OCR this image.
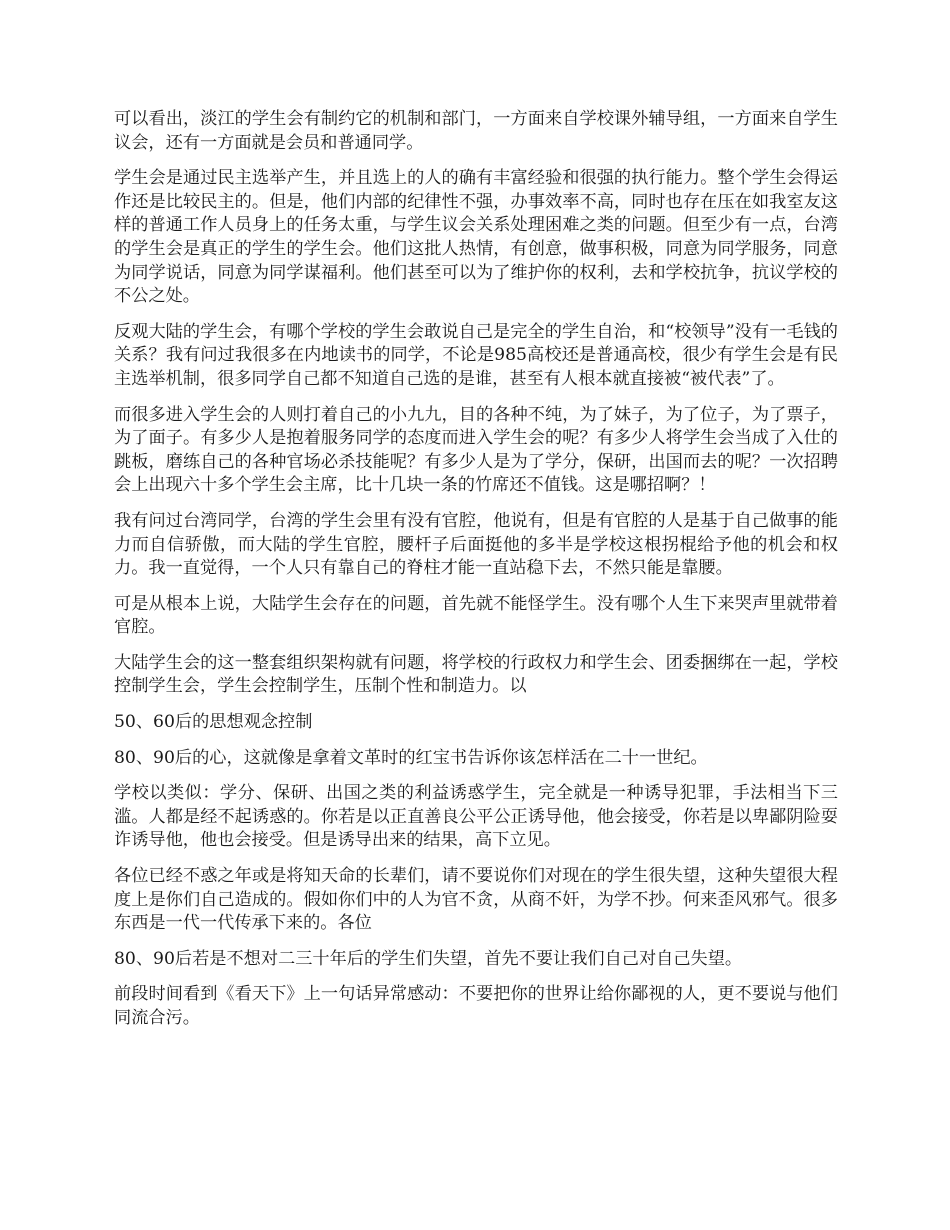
可以看出，淡江的学生会有制约它的机制和部门，一方面来自学校课外辅导组，一方面来自学生议会，还有一方面就是会员和普通同学。

学生会是通过民主选举产生，并且选上的人的确有丰富经验和很强的执行能力。整个学生会得运作还是比较民主的。但是，他们内部的纪律性不强，办事效率不高，同时也存在压在如我室友这样的普通工作人员身上的任务太重，与学生议会关系处理困难之类的问题。但至少有一点，台湾的学生会是真正的学生的学生会。他们这批人热情，有创意，做事积极，同意为同学服务，同意为同学说话，同意为同学谋福利。他们甚至可以为了维护你的权利，去和学校抗争，抗议学校的不公之处。

反观大陆的学生会，有哪个学校的学生会敢说自己是完全的学生自治，和“校领导”没有一毛钱的关系？我有问过我很多在内地读书的同学，不论是985高校还是普通高校，很少有学生会是有民主选举机制，很多同学自己都不知道自己选的是谁，甚至有人根本就直接被“被代表”了。

而很多进入学生会的人则打着自己的小九九，目的各种不纯，为了妹子，为了位子，为了票子，为了面子。有多少人是抱着服务同学的态度而进入学生会的呢？有多少人将学生会当成了入仕的跳板，磨练自己的各种官场必杀技能呢？有多少人是为了学分，保研，出国而去的呢？一次招聘会上出现六十多个学生会主席，比十几块一条的竹席还不值钱。这是哪招啊？！

我有问过台湾同学，台湾的学生会里有没有官腔，他说有，但是有官腔的人是基于自己做事的能力而自信骄傲，而大陆的学生官腔，腰杆子后面挺他的多半是学校这根拐棍给予他的机会和权力。我一直觉得，一个人只有靠自己的脊柱才能一直站稳下去，不然只能是靠腰。

可是从根本上说，大陆学生会存在的问题，首先就不能怪学生。没有哪个人生下来哭声里就带着官腔。

大陆学生会的这一整套组织架构就有问题，将学校的行政权力和学生会、团委捆绑在一起，学校控制学生会，学生会控制学生，压制个性和制造力。以

50、60后的思想观念控制

80、90后的心，这就像是拿着文革时的红宝书告诉你该怎样活在二十一世纪。

学校以类似：学分、保研、出国之类的利益诱惑学生，完全就是一种诱导犯罪，手法相当下三滥。人都是经不起诱惑的。你若是以正直善良公平公正诱导他，他会接受，你若是以卑鄙阴险耍诈诱导他，他也会接受。但是诱导出来的结果，高下立见。

各位已经不惑之年或是将知天命的长辈们，请不要说你们对现在的学生很失望，这种失望很大程度上是你们自己造成的。假如你们中的人为官不贪，从商不奸，为学不抄。何来歪风邪气。很多东西是一代一代传承下来的。各位

80、90后若是不想对二三十年后的学生们失望，首先不要让我们自己对自己失望。

前段时间看到《看天下》上一句话异常感动：不要把你的世界让给你鄙视的人，更不要说与他们同流合污。
